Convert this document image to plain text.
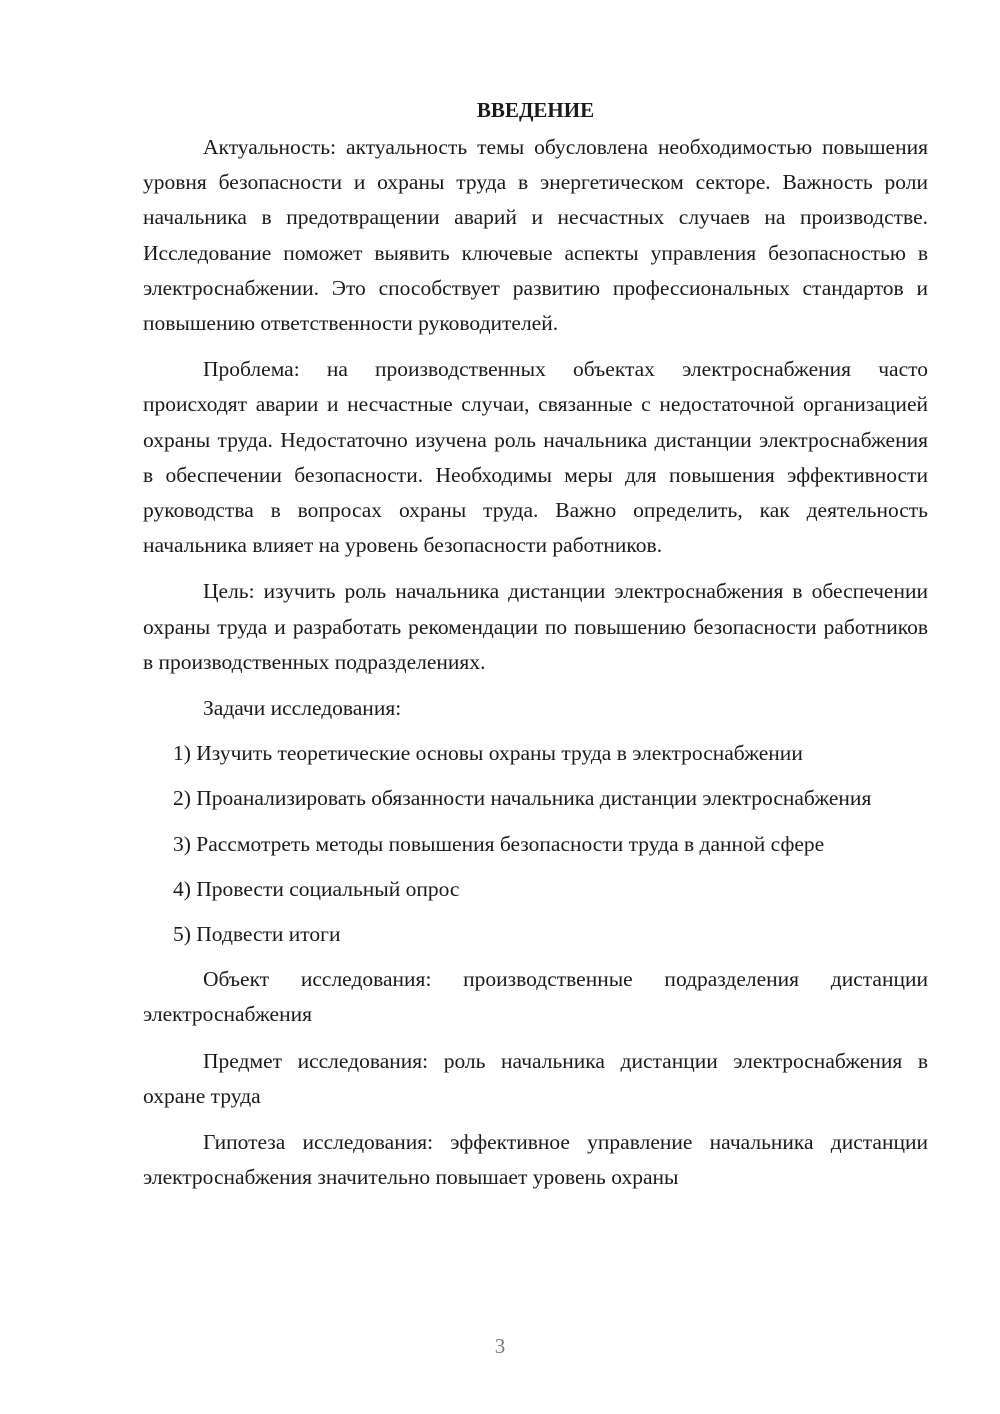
ВВЕДЕНИЕ

Актуальность: актуальность темы обусловлена необходимостью повышения уровня безопасности и охраны труда в энергетическом секторе. Важность роли начальника в предотвращении аварий и несчастных случаев на производстве. Исследование поможет выявить ключевые аспекты управления безопасностью в электроснабжении. Это способствует развитию профессиональных стандартов и повышению ответственности руководителей.

Проблема: на производственных объектах электроснабжения часто происходят аварии и несчастные случаи, связанные с недостаточной организацией охраны труда. Недостаточно изучена роль начальника дистанции электроснабжения в обеспечении безопасности. Необходимы меры для повышения эффективности руководства в вопросах охраны труда. Важно определить, как деятельность начальника влияет на уровень безопасности работников.

Цель: изучить роль начальника дистанции электроснабжения в обеспечении охраны труда и разработать рекомендации по повышению безопасности работников в производственных подразделениях.

Задачи исследования:

1) Изучить теоретические основы охраны труда в электроснабжении

2) Проанализировать обязанности начальника дистанции электроснабжения

3) Рассмотреть методы повышения безопасности труда в данной сфере

4) Провести социальный опрос

5) Подвести итоги

Объект исследования: производственные подразделения дистанции электроснабжения

Предмет исследования: роль начальника дистанции электроснабжения в охране труда

Гипотеза исследования: эффективное управление начальника дистанции электроснабжения значительно повышает уровень охраны

3
